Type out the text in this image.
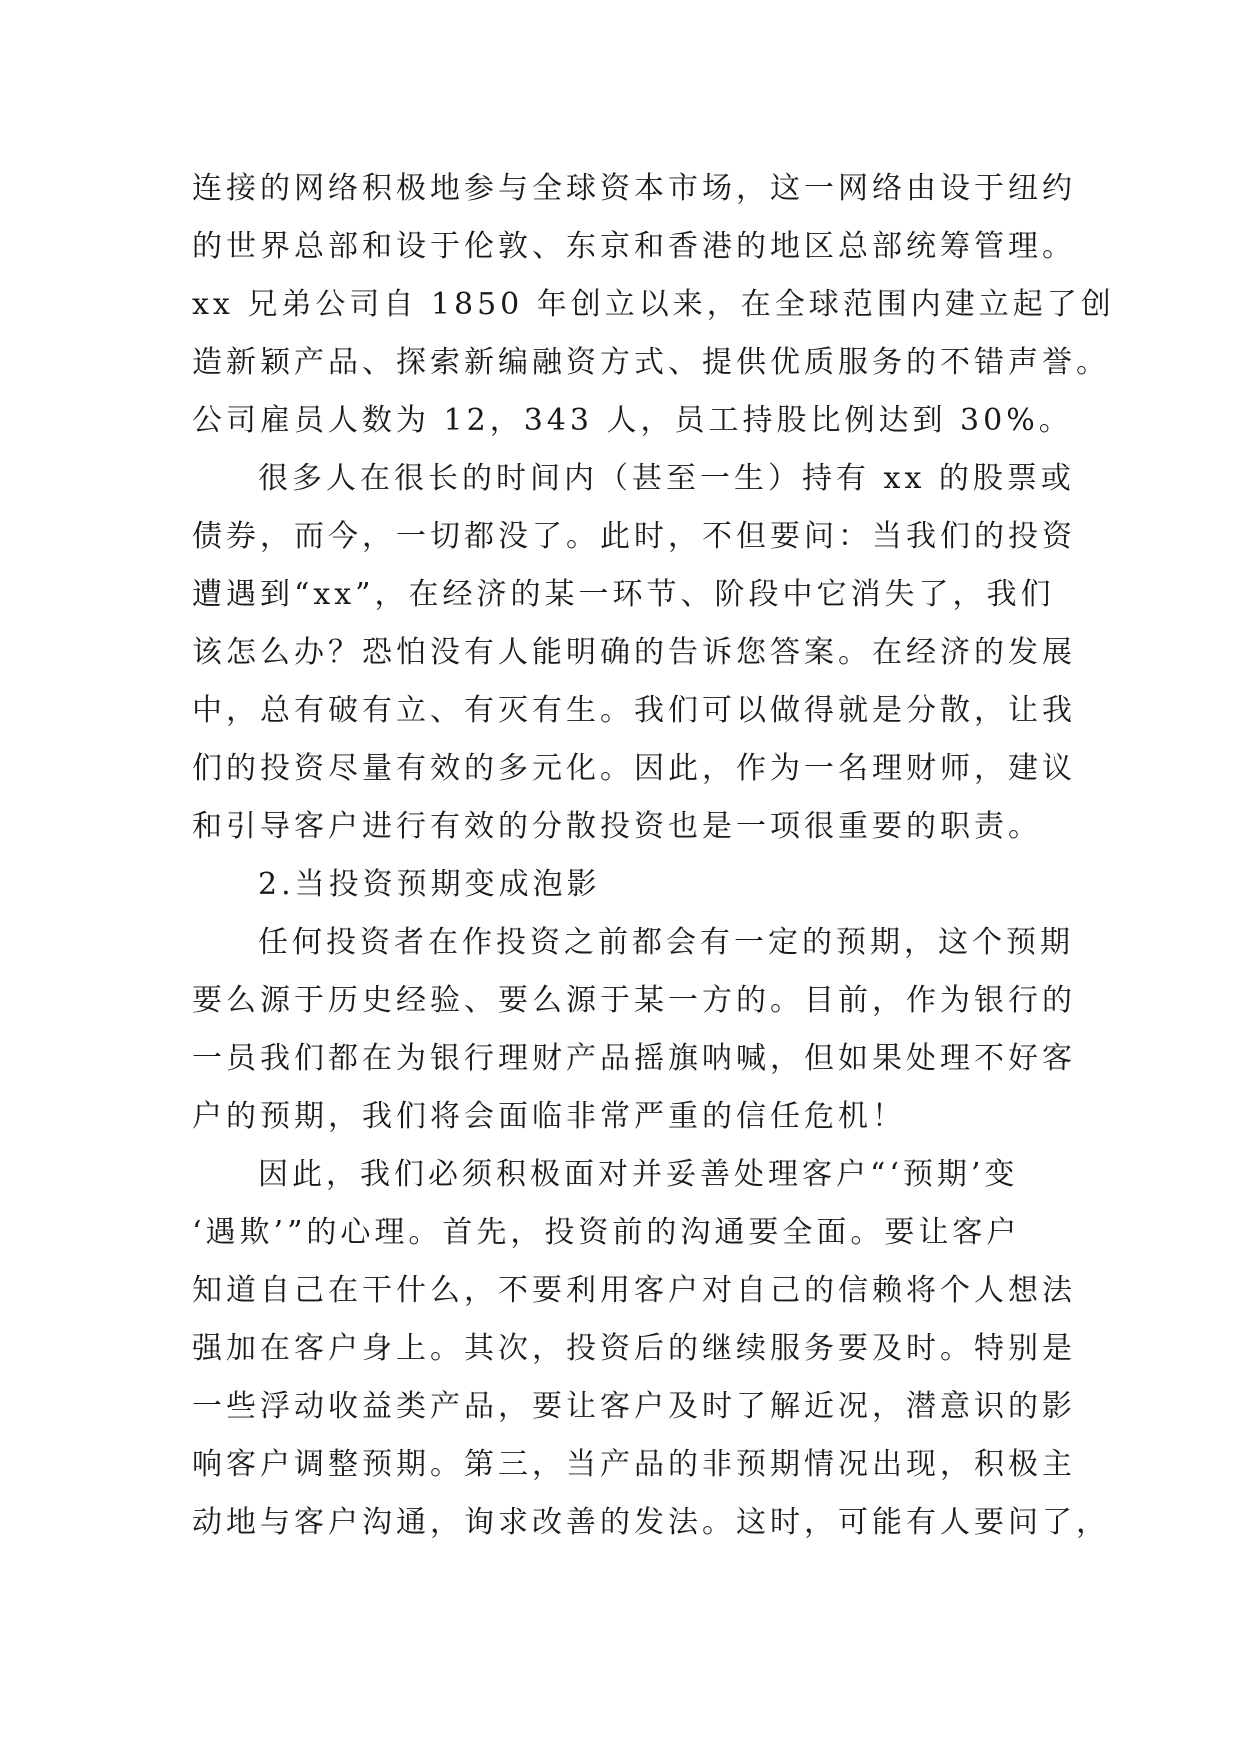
连接的网络积极地参与全球资本市场，这一网络由设于纽约
的世界总部和设于伦敦、东京和香港的地区总部统筹管理。
xx 兄弟公司自 1850 年创立以来，在全球范围内建立起了创
造新颖产品、探索新编融资方式、提供优质服务的不错声誉。
公司雇员人数为 12，343 人，员工持股比例达到 30%。
很多人在很长的时间内（甚至一生）持有 xx 的股票或
债券，而今，一切都没了。此时，不但要问：当我们的投资
遭遇到“xx”，在经济的某一环节、阶段中它消失了，我们
该怎么办？恐怕没有人能明确的告诉您答案。在经济的发展
中，总有破有立、有灭有生。我们可以做得就是分散，让我
们的投资尽量有效的多元化。因此，作为一名理财师，建议
和引导客户进行有效的分散投资也是一项很重要的职责。
2.当投资预期变成泡影
任何投资者在作投资之前都会有一定的预期，这个预期
要么源于历史经验、要么源于某一方的。目前，作为银行的
一员我们都在为银行理财产品摇旗呐喊，但如果处理不好客
户的预期，我们将会面临非常严重的信任危机！
因此，我们必须积极面对并妥善处理客户“‘预期’变
‘遇欺’”的心理。首先，投资前的沟通要全面。要让客户
知道自己在干什么，不要利用客户对自己的信赖将个人想法
强加在客户身上。其次，投资后的继续服务要及时。特别是
一些浮动收益类产品，要让客户及时了解近况，潜意识的影
响客户调整预期。第三，当产品的非预期情况出现，积极主
动地与客户沟通，询求改善的发法。这时，可能有人要问了，
